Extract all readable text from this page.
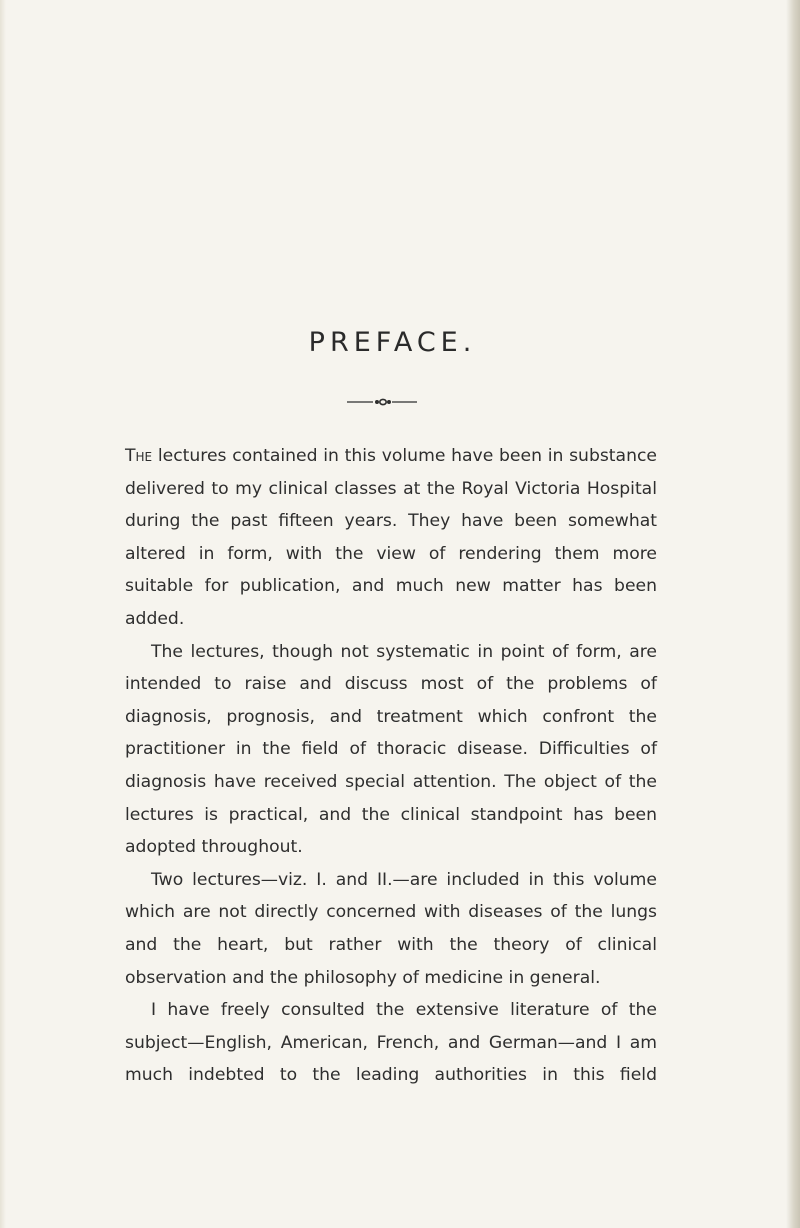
PREFACE.

The lectures contained in this volume have been in substance delivered to my clinical classes at the Royal Victoria Hospital during the past fifteen years. They have been somewhat altered in form, with the view of rendering them more suitable for publication, and much new matter has been added.

The lectures, though not systematic in point of form, are intended to raise and discuss most of the problems of diagnosis, prognosis, and treatment which confront the practitioner in the field of thoracic disease. Difficulties of diagnosis have received special attention. The object of the lectures is practical, and the clinical standpoint has been adopted throughout.

Two lectures—viz. I. and II.—are included in this volume which are not directly concerned with diseases of the lungs and the heart, but rather with the theory of clinical observation and the philosophy of medicine in general.

I have freely consulted the extensive literature of the subject—English, American, French, and German—and I am much indebted to the leading authorities in this field
